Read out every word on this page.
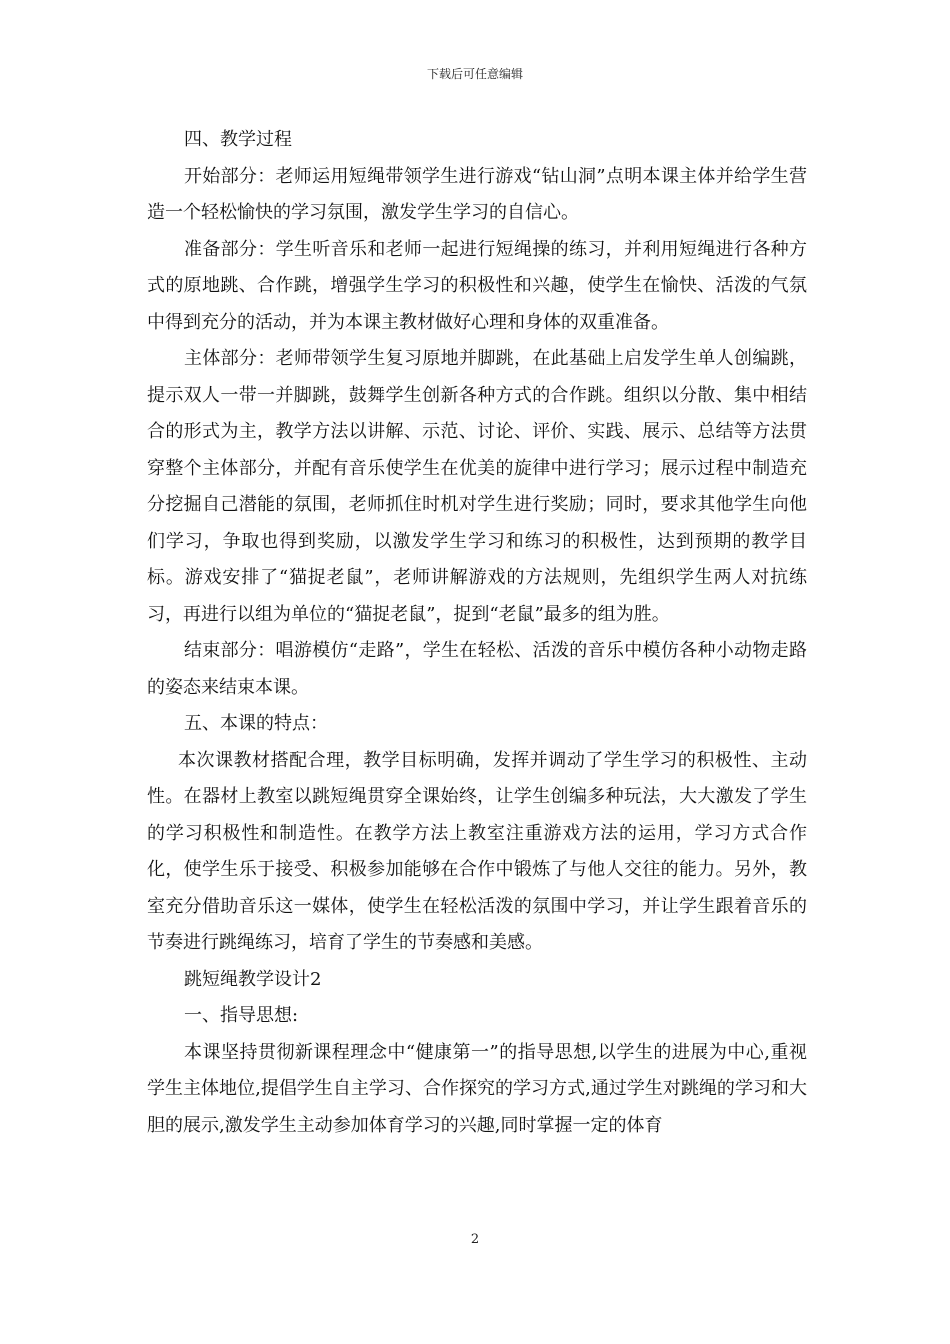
下载后可任意编辑

四、教学过程

开始部分：老师运用短绳带领学生进行游戏“钻山洞”点明本课主体并给学生营造一个轻松愉快的学习氛围，激发学生学习的自信心。

准备部分：学生听音乐和老师一起进行短绳操的练习，并利用短绳进行各种方式的原地跳、合作跳，增强学生学习的积极性和兴趣，使学生在愉快、活泼的气氛中得到充分的活动，并为本课主教材做好心理和身体的双重准备。

主体部分：老师带领学生复习原地并脚跳，在此基础上启发学生单人创编跳，提示双人一带一并脚跳，鼓舞学生创新各种方式的合作跳。组织以分散、集中相结合的形式为主，教学方法以讲解、示范、讨论、评价、实践、展示、总结等方法贯穿整个主体部分，并配有音乐使学生在优美的旋律中进行学习；展示过程中制造充分挖掘自己潜能的氛围，老师抓住时机对学生进行奖励；同时，要求其他学生向他们学习，争取也得到奖励，以激发学生学习和练习的积极性，达到预期的教学目标。游戏安排了“猫捉老鼠”，老师讲解游戏的方法规则，先组织学生两人对抗练习，再进行以组为单位的“猫捉老鼠”，捉到“老鼠”最多的组为胜。

结束部分：唱游模仿“走路”，学生在轻松、活泼的音乐中模仿各种小动物走路的姿态来结束本课。

五、本课的特点：

本次课教材搭配合理，教学目标明确，发挥并调动了学生学习的积极性、主动性。在器材上教室以跳短绳贯穿全课始终，让学生创编多种玩法，大大激发了学生的学习积极性和制造性。在教学方法上教室注重游戏方法的运用，学习方式合作化，使学生乐于接受、积极参加能够在合作中锻炼了与他人交往的能力。另外，教室充分借助音乐这一媒体，使学生在轻松活泼的氛围中学习，并让学生跟着音乐的节奏进行跳绳练习，培育了学生的节奏感和美感。

跳短绳教学设计2

一、指导思想:

本课坚持贯彻新课程理念中“健康第一”的指导思想,以学生的进展为中心,重视学生主体地位,提倡学生自主学习、合作探究的学习方式,通过学生对跳绳的学习和大胆的展示,激发学生主动参加体育学习的兴趣,同时掌握一定的体育

2
